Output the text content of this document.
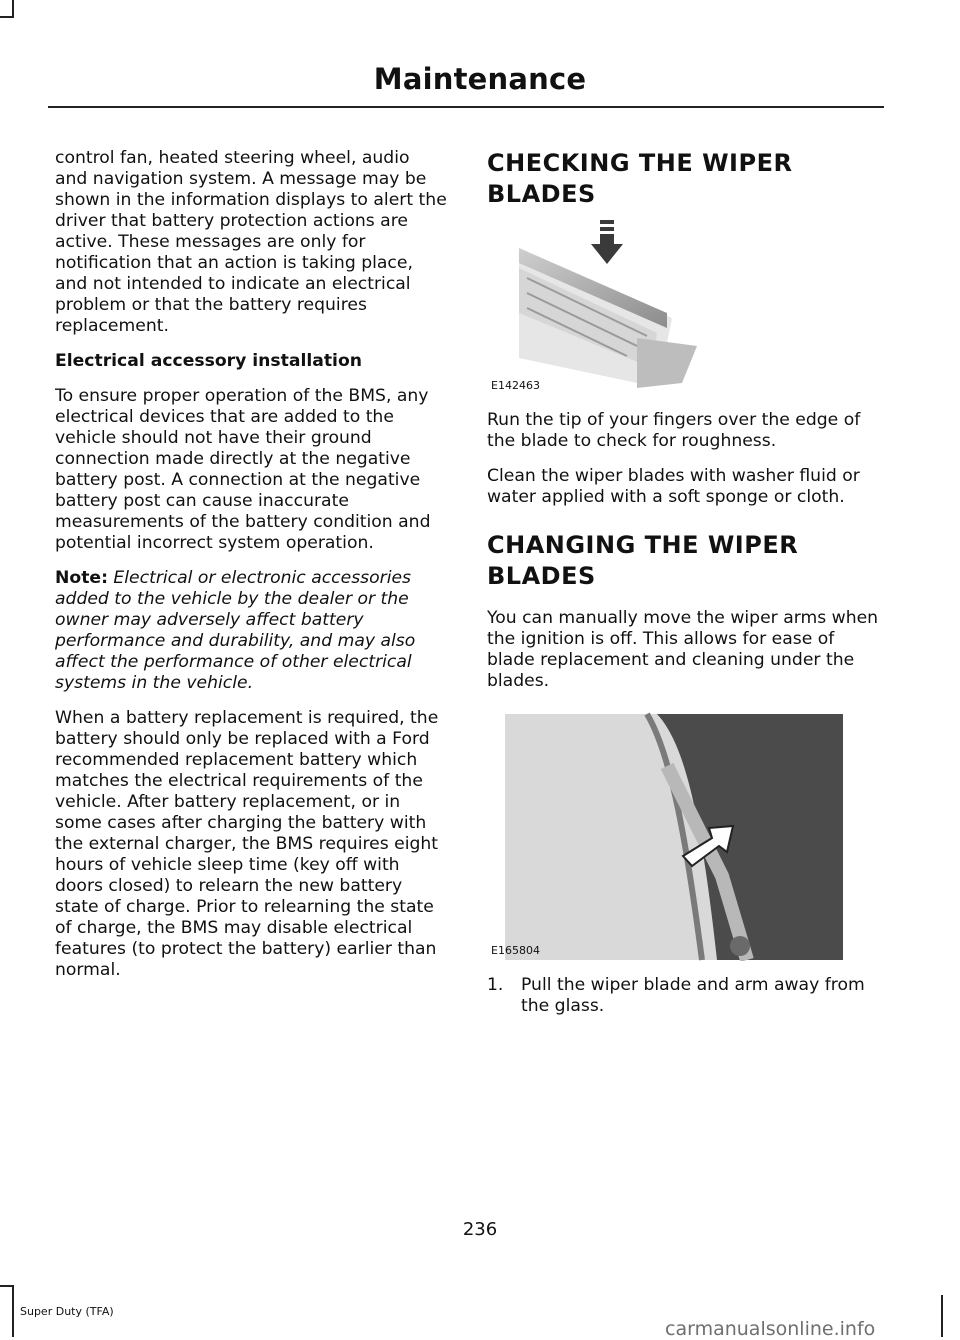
Maintenance

control fan, heated steering wheel, audio and navigation system. A message may be shown in the information displays to alert the driver that battery protection actions are active. These messages are only for notification that an action is taking place, and not intended to indicate an electrical problem or that the battery requires replacement.

Electrical accessory installation

To ensure proper operation of the BMS, any electrical devices that are added to the vehicle should not have their ground connection made directly at the negative battery post. A connection at the negative battery post can cause inaccurate measurements of the battery condition and potential incorrect system operation.

Note: Electrical or electronic accessories added to the vehicle by the dealer or the owner may adversely affect battery performance and durability, and may also affect the performance of other electrical systems in the vehicle.

When a battery replacement is required, the battery should only be replaced with a Ford recommended replacement battery which matches the electrical requirements of the vehicle. After battery replacement, or in some cases after charging the battery with the external charger, the BMS requires eight hours of vehicle sleep time (key off with doors closed) to relearn the new battery state of charge. Prior to relearning the state of charge, the BMS may disable electrical features (to protect the battery) earlier than normal.

CHECKING THE WIPER BLADES
E142463

Run the tip of your fingers over the edge of the blade to check for roughness.

Clean the wiper blades with washer fluid or water applied with a soft sponge or cloth.

CHANGING THE WIPER BLADES

You can manually move the wiper arms when the ignition is off. This allows for ease of blade replacement and cleaning under the blades.

E165804
1.	Pull the wiper blade and arm away from the glass.
236
Super Duty (TFA)
carmanualsonline.info
